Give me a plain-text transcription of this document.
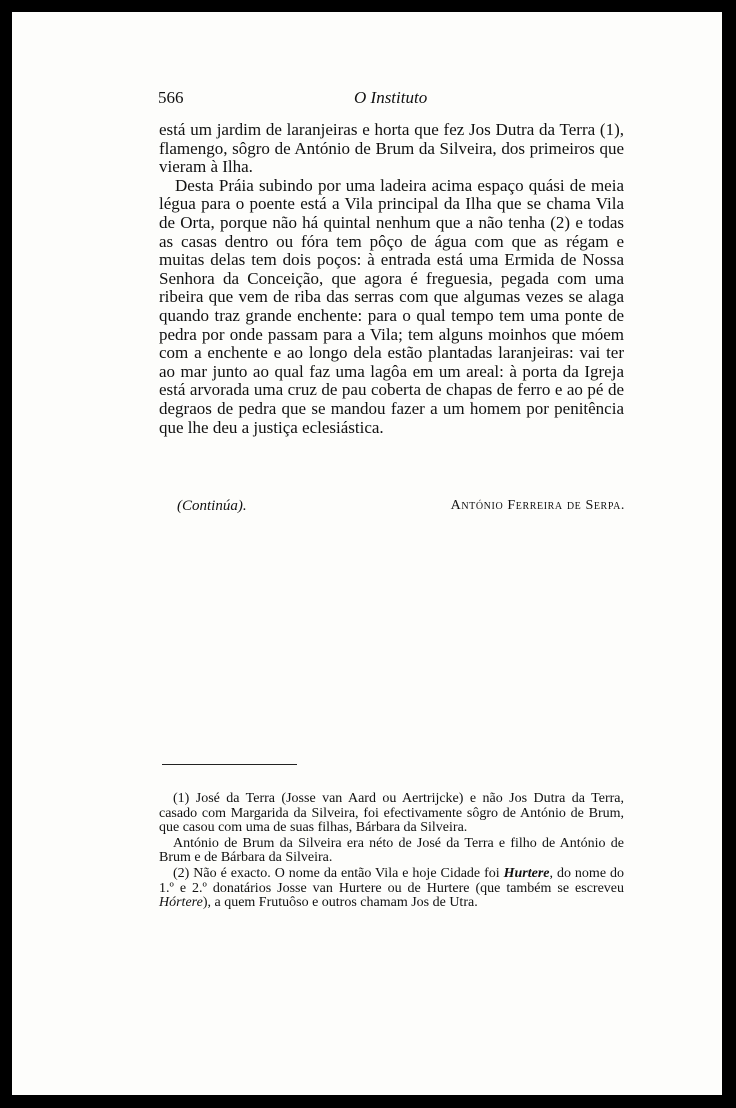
566	O Instituto

está um jardim de laranjeiras e horta que fez Jos Dutra da Terra (1), flamengo, sôgro de António de Brum da Silveira, dos primeiros que vieram à Ilha.

Desta Práia subindo por uma ladeira acima espaço quási de meia légua para o poente está a Vila principal da Ilha que se chama Vila de Orta, porque não há quintal nenhum que a não tenha (2) e todas as casas dentro ou fóra tem pôço de água com que as régam e muitas delas tem dois poços: à entrada está uma Ermida de Nossa Senhora da Conceição, que agora é freguesia, pegada com uma ribeira que vem de riba das serras com que algumas vezes se alaga quando traz grande enchente: para o qual tempo tem uma ponte de pedra por onde passam para a Vila; tem alguns moinhos que móem com a enchente e ao longo dela estão plantadas laranjeiras: vai ter ao mar junto ao qual faz uma lagôa em um areal: à porta da Igreja está arvorada uma cruz de pau coberta de chapas de ferro e ao pé de degraos de pedra que se mandou fazer a um homem por penitência que lhe deu a justiça eclesiástica.

(Continúa).	António Ferreira de Serpa.

(1) José da Terra (Josse van Aard ou Aertrijcke) e não Jos Dutra da Terra, casado com Margarida da Silveira, foi efectivamente sôgro de António de Brum, que casou com uma de suas filhas, Bárbara da Silveira.

António de Brum da Silveira era néto de José da Terra e filho de António de Brum e de Bárbara da Silveira.

(2) Não é exacto. O nome da então Vila e hoje Cidade foi Hurtere, do nome do 1.º e 2.º donatários Josse van Hurtere ou de Hurtere (que também se escreveu Hórtere), a quem Frutuôso e outros chamam Jos de Utra.
